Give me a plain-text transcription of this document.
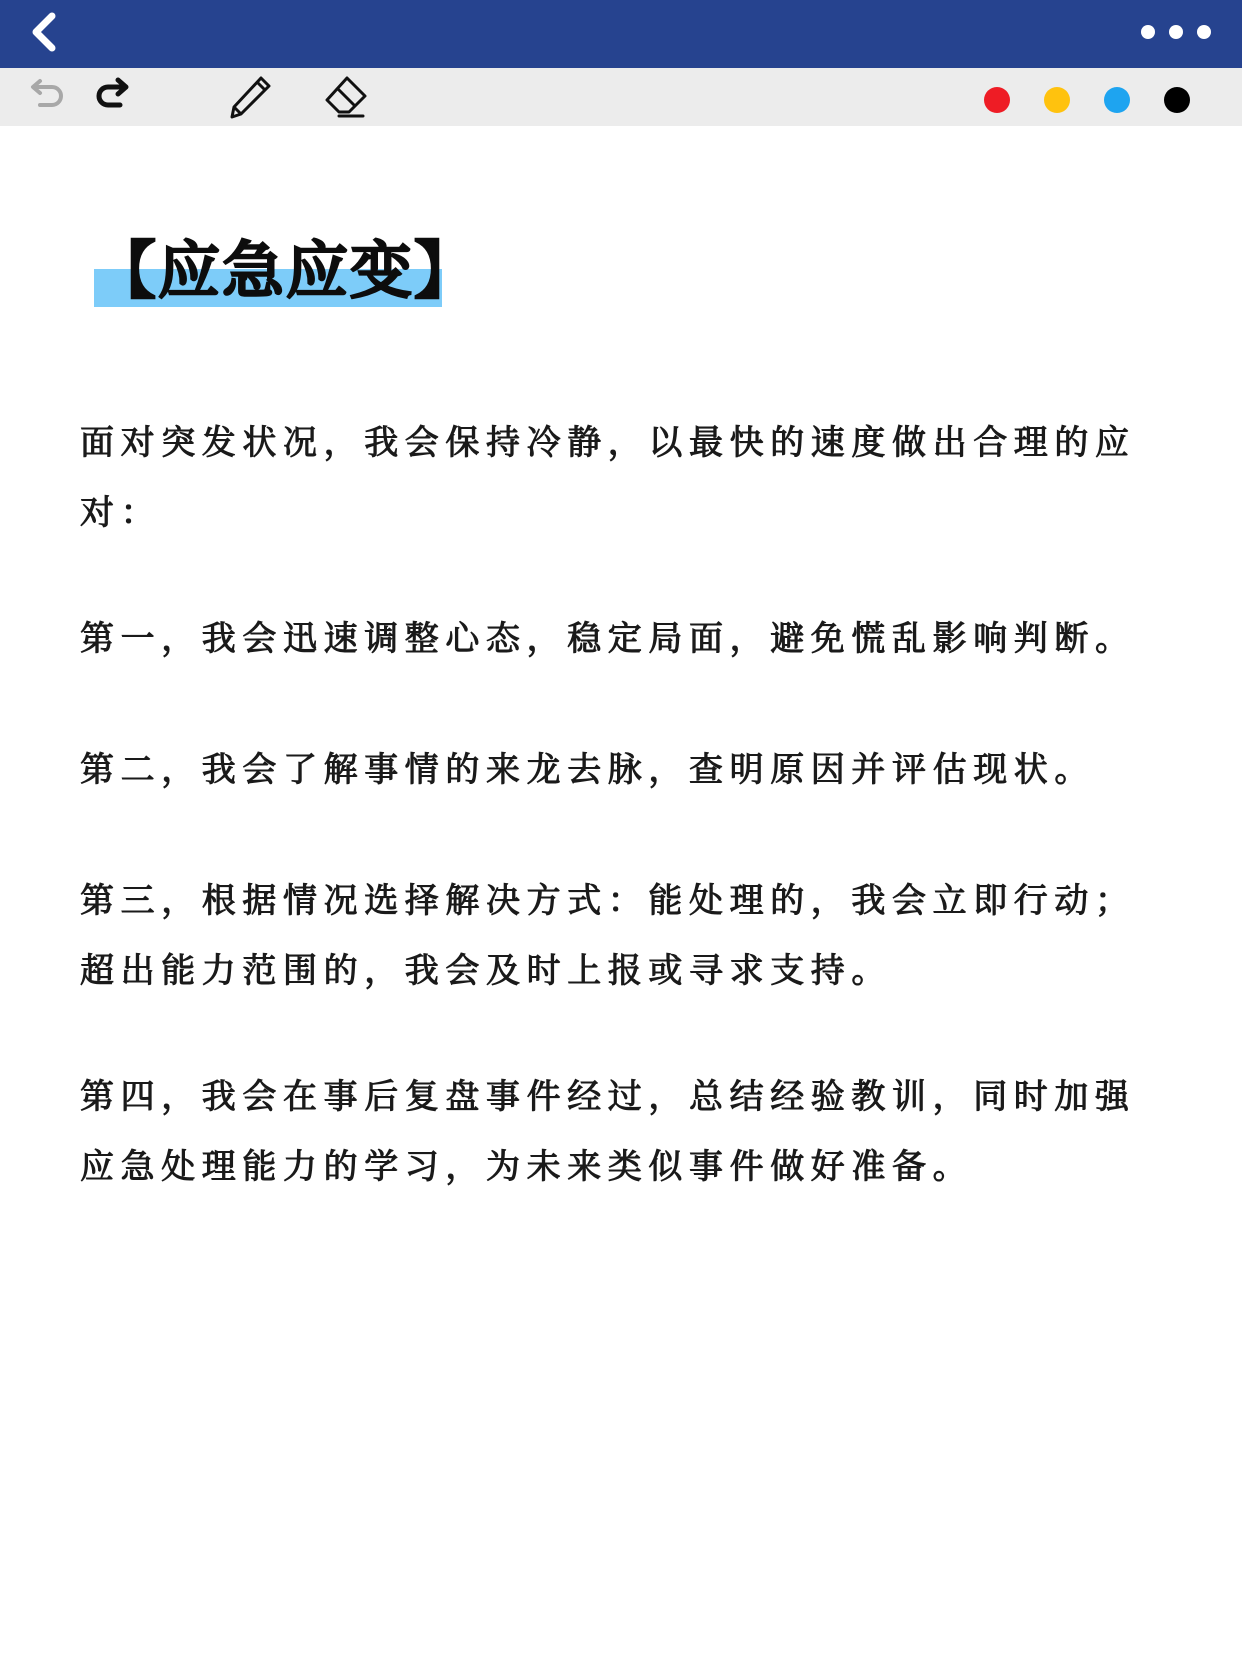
【应急应变】

面对突发状况，我会保持冷静，以最快的速度做出合理的应对：

第一，我会迅速调整心态，稳定局面，避免慌乱影响判断。

第二，我会了解事情的来龙去脉，查明原因并评估现状。

第三，根据情况选择解决方式：能处理的，我会立即行动；超出能力范围的，我会及时上报或寻求支持。

第四，我会在事后复盘事件经过，总结经验教训，同时加强应急处理能力的学习，为未来类似事件做好准备。
